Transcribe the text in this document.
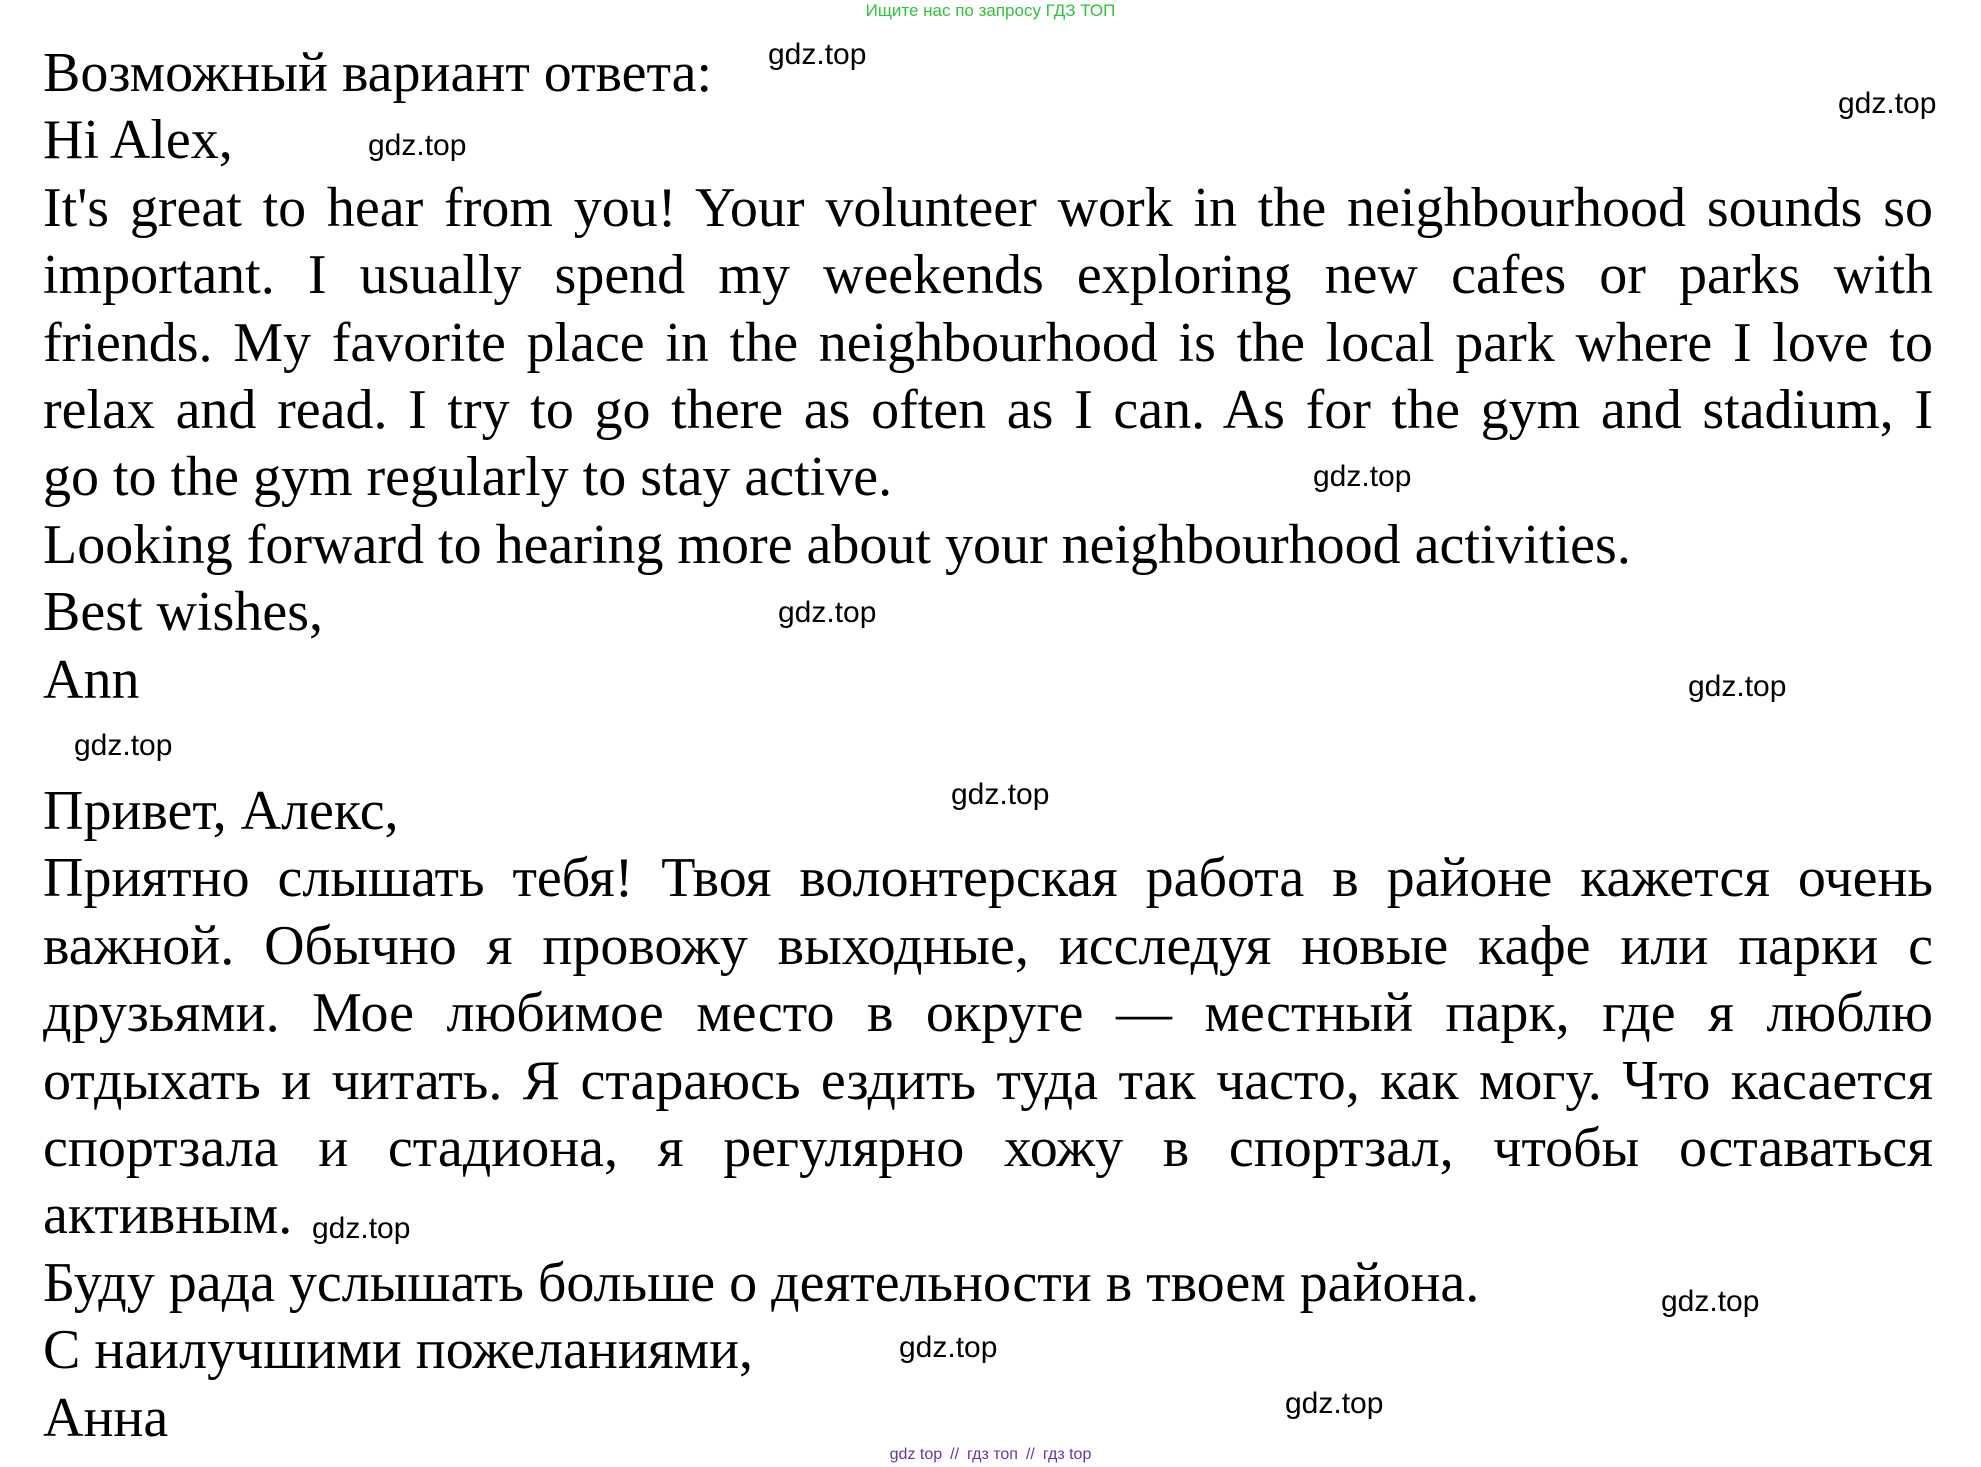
Ищите нас по запросу ГДЗ ТОП
Возможный вариант ответа:
Hi Alex,
It's great to hear from you! Your volunteer work in the neighbourhood sounds so
important. I usually spend my weekends exploring new cafes or parks with
friends. My favorite place in the neighbourhood is the local park where I love to
relax and read. I try to go there as often as I can. As for the gym and stadium, I
go to the gym regularly to stay active.
Looking forward to hearing more about your neighbourhood activities.
Best wishes,
Ann
Привет, Алекс,
Приятно слышать тебя! Твоя волонтерская работа в районе кажется очень
важной. Обычно я провожу выходные, исследуя новые кафе или парки с
друзьями. Мое любимое место в округе — местный парк, где я люблю
отдыхать и читать. Я стараюсь ездить туда так часто, как могу. Что касается
спортзала и стадиона, я регулярно хожу в спортзал, чтобы оставаться
активным.
Буду рада услышать больше о деятельности в твоем района.
С наилучшими пожеланиями,
Анна
gdz.top
gdz.top
gdz.top
gdz.top
gdz.top
gdz.top
gdz.top
gdz.top
gdz.top
gdz.top
gdz.top
gdz.top
gdz top // гдз топ // гдз top
